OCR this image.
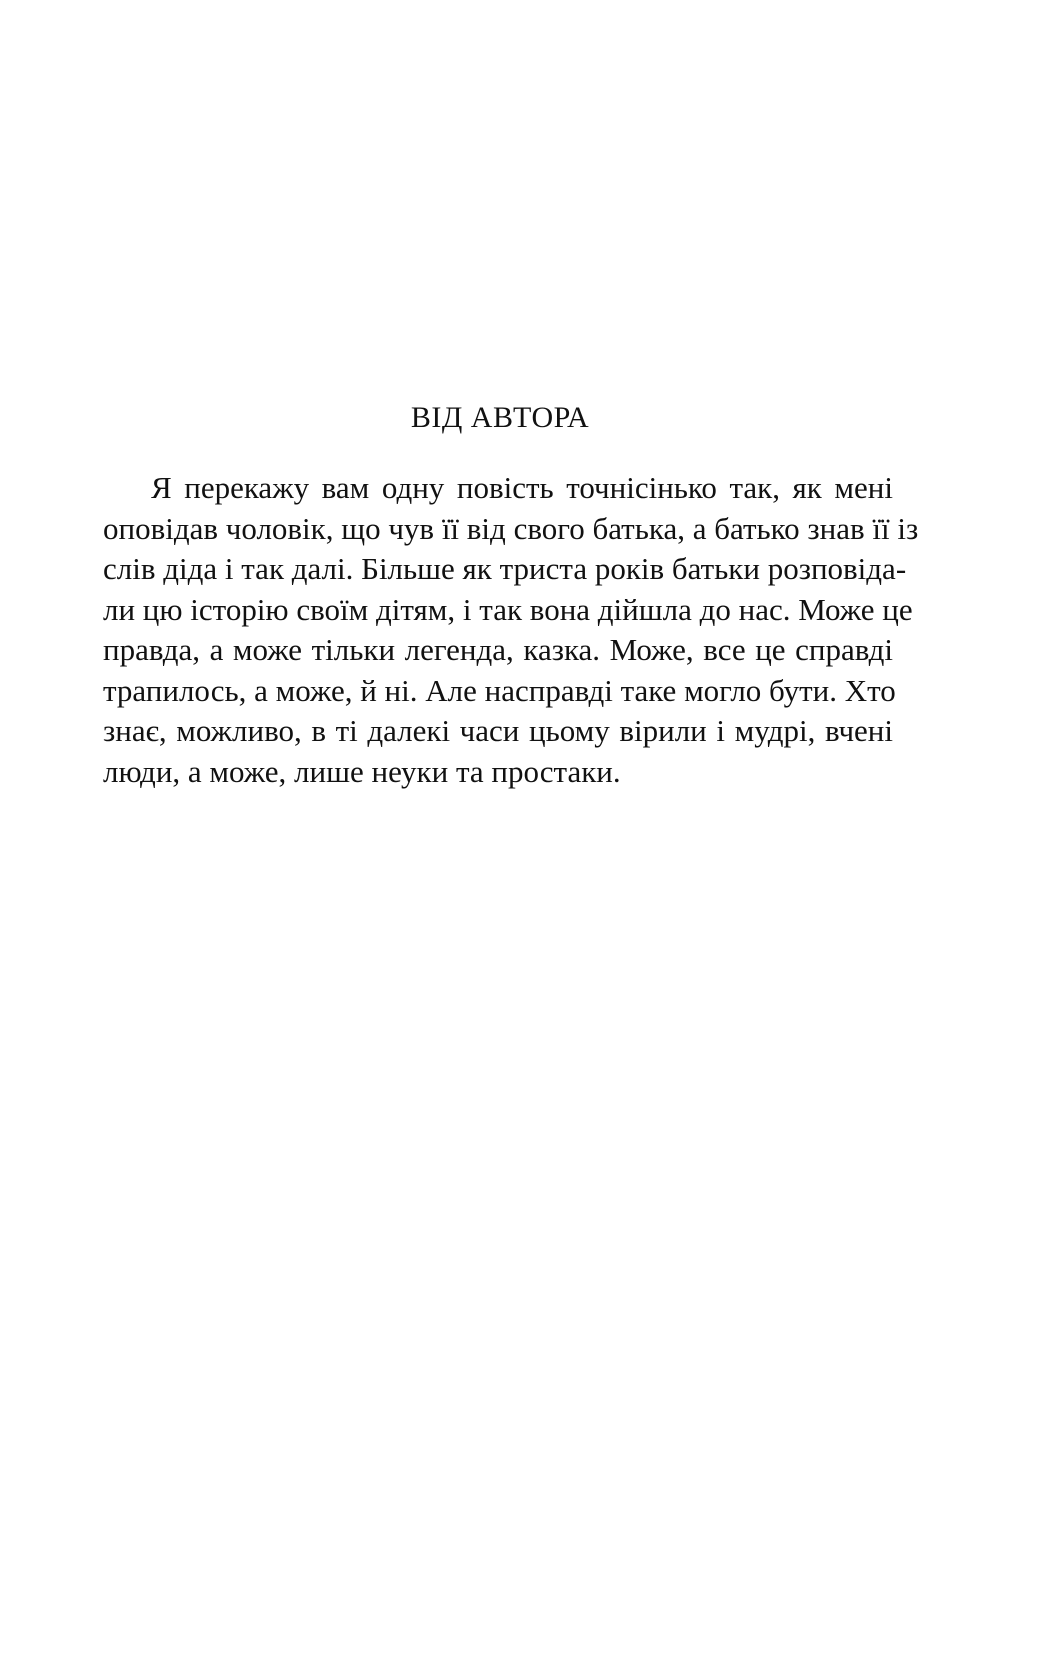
ВІД АВТОРА
Я перекажу вам одну повість точнісінько так, як мені
оповідав чоловік, що чув її від свого батька, а батько знав її із
слів діда і так далі. Більше як триста років батьки розповіда-
ли цю історію своїм дітям, і так вона дійшла до нас. Може це
правда, а може тільки легенда, казка. Може, все це справді
трапилось, а може, й ні. Але насправді таке могло бути. Хто
знає, можливо, в ті далекі часи цьому вірили і мудрі, вчені
люди, а може, лише неуки та простаки.
